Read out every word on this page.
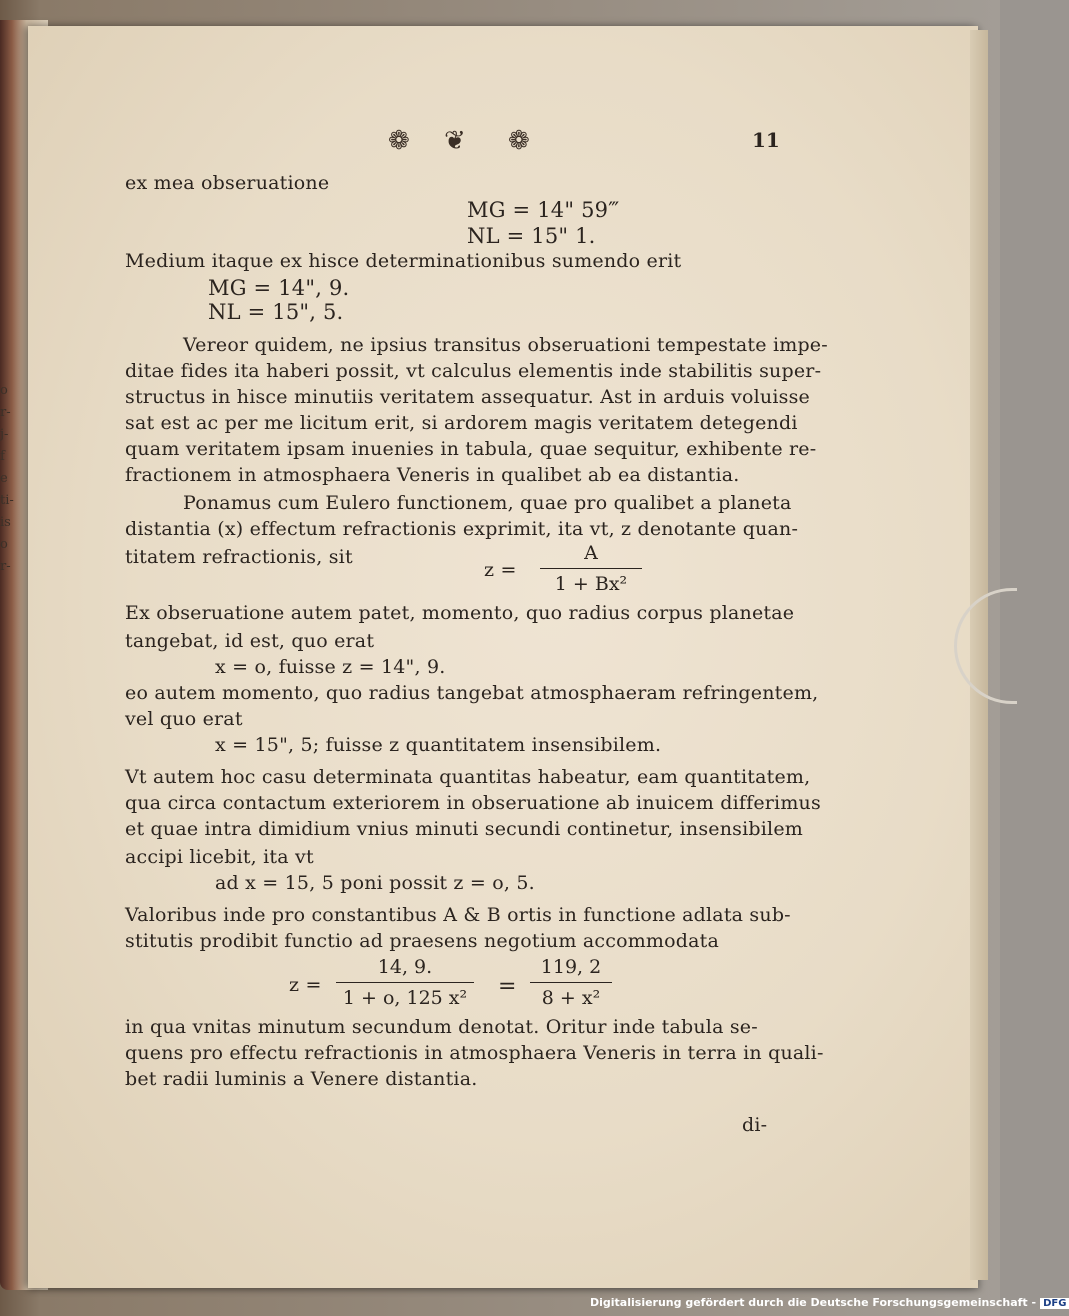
o
r-
j-
f
e
ti-
is
o
r-
❁ ❦ ❁	11
ex mea obseruatione
MG = 14" 59‴
NL = 15" 1.
Medium itaque ex hisce determinationibus sumendo erit
MG = 14", 9.
NL = 15", 5.
Vereor quidem, ne ipsius transitus obseruationi tempestate impe-
ditae fides ita haberi possit, vt calculus elementis inde stabilitis super-
structus in hisce minutiis veritatem assequatur. Ast in arduis voluisse
sat est ac per me licitum erit, si ardorem magis veritatem detegendi
quam veritatem ipsam inuenies in tabula, quae sequitur, exhibente re-
fractionem in atmosphaera Veneris in qualibet ab ea distantia.
Ponamus cum Eulero functionem, quae pro qualibet a planeta
distantia (x) effectum refractionis exprimit, ita vt, z denotante quan-
titatem refractionis, sit
z =
A
1 + Bx²
Ex obseruatione autem patet, momento, quo radius corpus planetae
tangebat, id est, quo erat
x = o, fuisse z = 14", 9.
eo autem momento, quo radius tangebat atmosphaeram refringentem,
vel quo erat
x = 15", 5; fuisse z quantitatem insensibilem.
Vt autem hoc casu determinata quantitas habeatur, eam quantitatem,
qua circa contactum exteriorem in obseruatione ab inuicem differimus
et quae intra dimidium vnius minuti secundi continetur, insensibilem
accipi licebit, ita vt
ad x = 15, 5 poni possit z = o, 5.
Valoribus inde pro constantibus A & B ortis in functione adlata sub-
stitutis prodibit functio ad praesens negotium accommodata
z =
14, 9.
1 + o, 125 x²	=
119, 2
8 + x²
in qua vnitas minutum secundum denotat. Oritur inde tabula se-
quens pro effectu refractionis in atmosphaera Veneris in terra in quali-
bet radii luminis a Venere distantia.
di-
Digitalisierung gefördert durch die Deutsche Forschungsgemeinschaft - DFG
